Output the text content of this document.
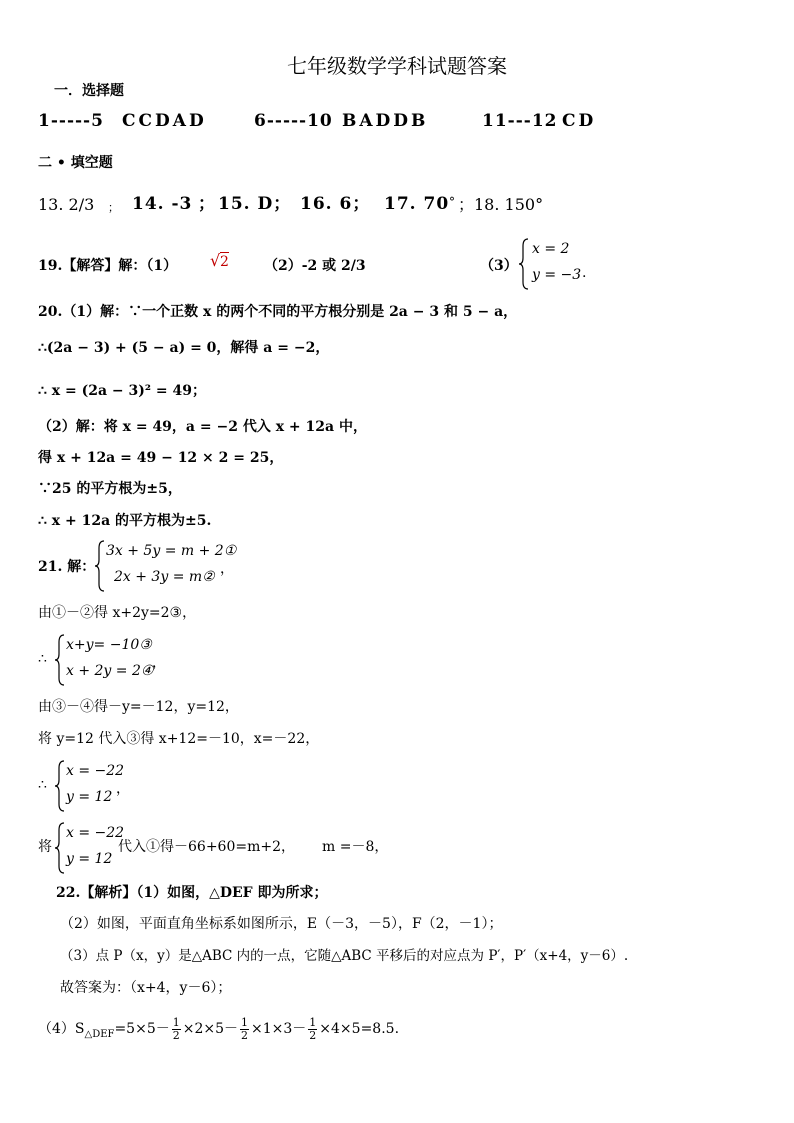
七年级数学学科试题答案
一．选择题
1-----5 CCDAD	6-----10 BADDB	11---12 CD
二 • 填空题
13. 2/3 ； 14. -3 ； 15. D； 16. 6； 17. 70 ° ；18. 150°
19.【解答】解：（1） √ 2	（2）-2 或 2/3	（3）
x = 2
y = −3 .
20.（1）解：∵一个正数 x 的两个不同的平方根分别是 2a − 3 和 5 − a，
∴(2a − 3) + (5 − a) = 0，解得 a = −2，
∴ x = (2a − 3)² = 49；
（2）解：将 x = 49，a = −2 代入 x + 12a 中，
得 x + 12a = 49 − 12 × 2 = 25，
∵25 的平方根为±5，
∴ x + 12a 的平方根为±5.
21. 解：
3x + 5y = m + 2①
2x + 3y = m② ，
由①－②得 x+2y=2③，
∴
x+y= −10③
x + 2y = 2④
，
由③－④得－y=－12，y=12，
将 y=12 代入③得 x+12=－10，x=－22，
∴
x = −22
y = 12 ，
将
x = −22
y = 12
代入①得－66+60=m+2， m =－8，
22.【解析】（1）如图，△DEF 即为所求；
（2）如图，平面直角坐标系如图所示，E（－3，－5），F（2，－1）；
（3）点 P（x，y）是△ABC 内的一点，它随△ABC 平移后的对应点为 P′，P′（x+4，y－6）.
故答案为：（x+4，y－6）；
$(4)S_{\triangle DEF}=5\times 5- \frac{1}{2} \times 2\times 5- \frac{1}{2} \times 1\times 3- \frac{1}{2} \times 4\times 5=8.5$.
